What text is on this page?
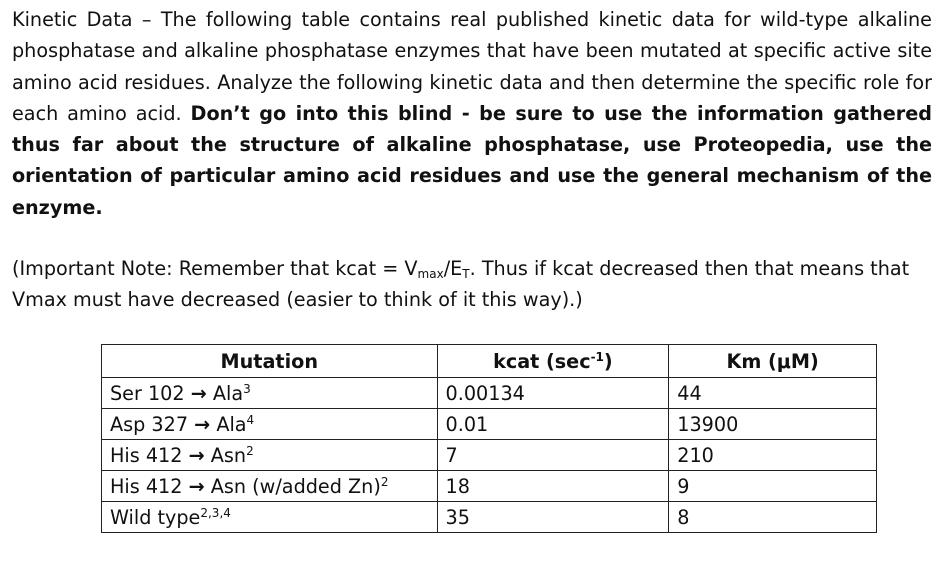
Kinetic Data – The following table contains real published kinetic data for wild-type alkaline phosphatase and alkaline phosphatase enzymes that have been mutated at specific active site amino acid residues. Analyze the following kinetic data and then determine the specific role for each amino acid. Don’t go into this blind - be sure to use the information gathered thus far about the structure of alkaline phosphatase, use Proteopedia, use the orientation of particular amino acid residues and use the general mechanism of the enzyme.
(Important Note: Remember that kcat = $V_{max}/E_T$. Thus if kcat decreased then that means that Vmax must have decreased (easier to think of it this way).)
Mutation	kcat $(\sec^{-1})$	Km (μM)
Ser 102 → Ala$^3$	0.00134	44
Asp 327 → Ala$^4$	0.01	13900
His 412 → Asn$^2$	7	210
His 412 → Asn (w/added Zn)$^2$	18	9
Wild type$^{2,3,4}$	35	8
